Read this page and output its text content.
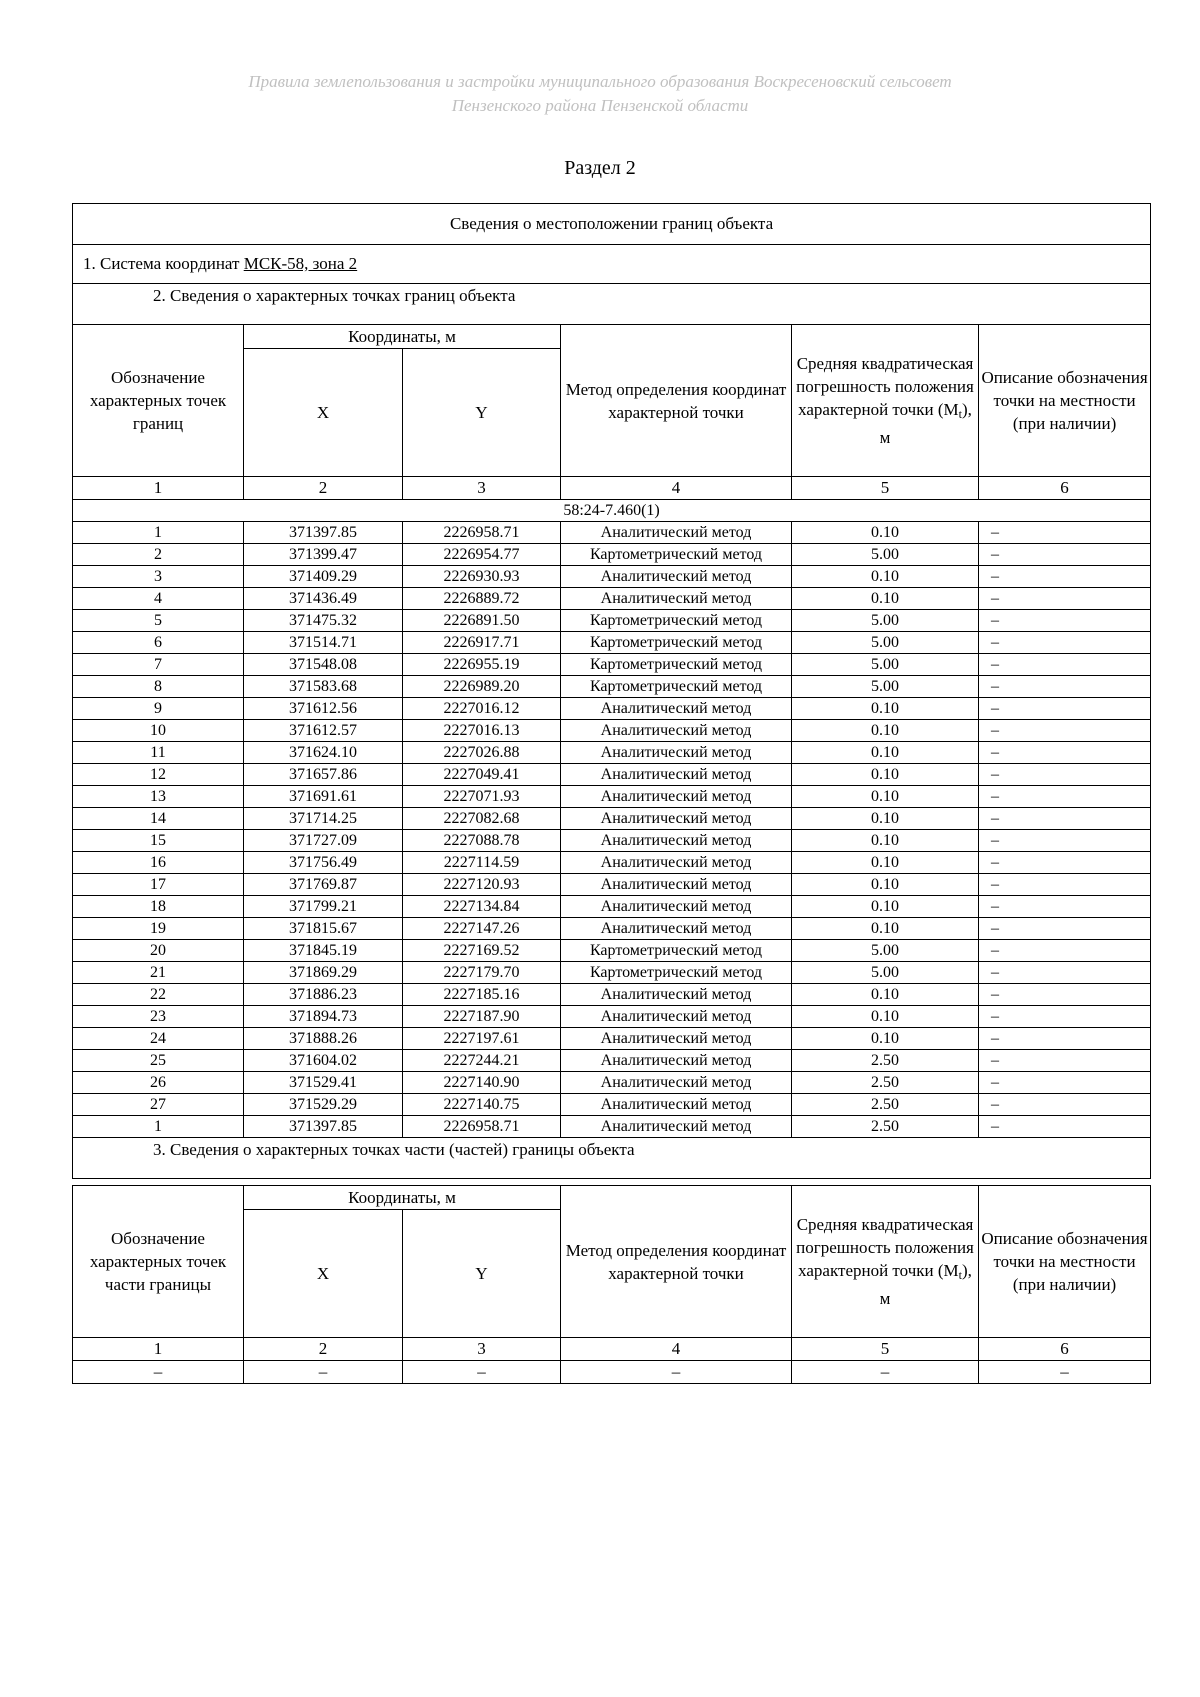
Правила землепользования и застройки муниципального образования Воскресеновский сельсовет
Пензенского района Пензенской области
Раздел 2
Сведения о местоположении границ объекта					
1. Система координат МСК-58, зона 2					
2. Сведения о характерных точках границ объекта					
Обозначение характерных точек границ	Координаты, м		Метод определения координат характерной точки	Средняя квадратическая погрешность положения характерной точки $(M_t)$, м	Описание обозначения точки на местности (при наличии)
	X	Y			
1	2	3	4	5	6
58:24-7.460(1)					
1	371397.85	2226958.71	Аналитический метод	0.10	–
2	371399.47	2226954.77	Картометрический метод	5.00	–
3	371409.29	2226930.93	Аналитический метод	0.10	–
4	371436.49	2226889.72	Аналитический метод	0.10	–
5	371475.32	2226891.50	Картометрический метод	5.00	–
6	371514.71	2226917.71	Картометрический метод	5.00	–
7	371548.08	2226955.19	Картометрический метод	5.00	–
8	371583.68	2226989.20	Картометрический метод	5.00	–
9	371612.56	2227016.12	Аналитический метод	0.10	–
10	371612.57	2227016.13	Аналитический метод	0.10	–
11	371624.10	2227026.88	Аналитический метод	0.10	–
12	371657.86	2227049.41	Аналитический метод	0.10	–
13	371691.61	2227071.93	Аналитический метод	0.10	–
14	371714.25	2227082.68	Аналитический метод	0.10	–
15	371727.09	2227088.78	Аналитический метод	0.10	–
16	371756.49	2227114.59	Аналитический метод	0.10	–
17	371769.87	2227120.93	Аналитический метод	0.10	–
18	371799.21	2227134.84	Аналитический метод	0.10	–
19	371815.67	2227147.26	Аналитический метод	0.10	–
20	371845.19	2227169.52	Картометрический метод	5.00	–
21	371869.29	2227179.70	Картометрический метод	5.00	–
22	371886.23	2227185.16	Аналитический метод	0.10	–
23	371894.73	2227187.90	Аналитический метод	0.10	–
24	371888.26	2227197.61	Аналитический метод	0.10	–
25	371604.02	2227244.21	Аналитический метод	2.50	–
26	371529.41	2227140.90	Аналитический метод	2.50	–
27	371529.29	2227140.75	Аналитический метод	2.50	–
1	371397.85	2226958.71	Аналитический метод	2.50	–
3. Сведения о характерных точках части (частей) границы объекта					
Обозначение характерных точек части границы	Координаты, м		Метод определения координат характерной точки	Средняя квадратическая погрешность положения характерной точки $(M_t)$, м	Описание обозначения точки на местности (при наличии)
	X	Y			
1	2	3	4	5	6
–	–	–	–	–	–
